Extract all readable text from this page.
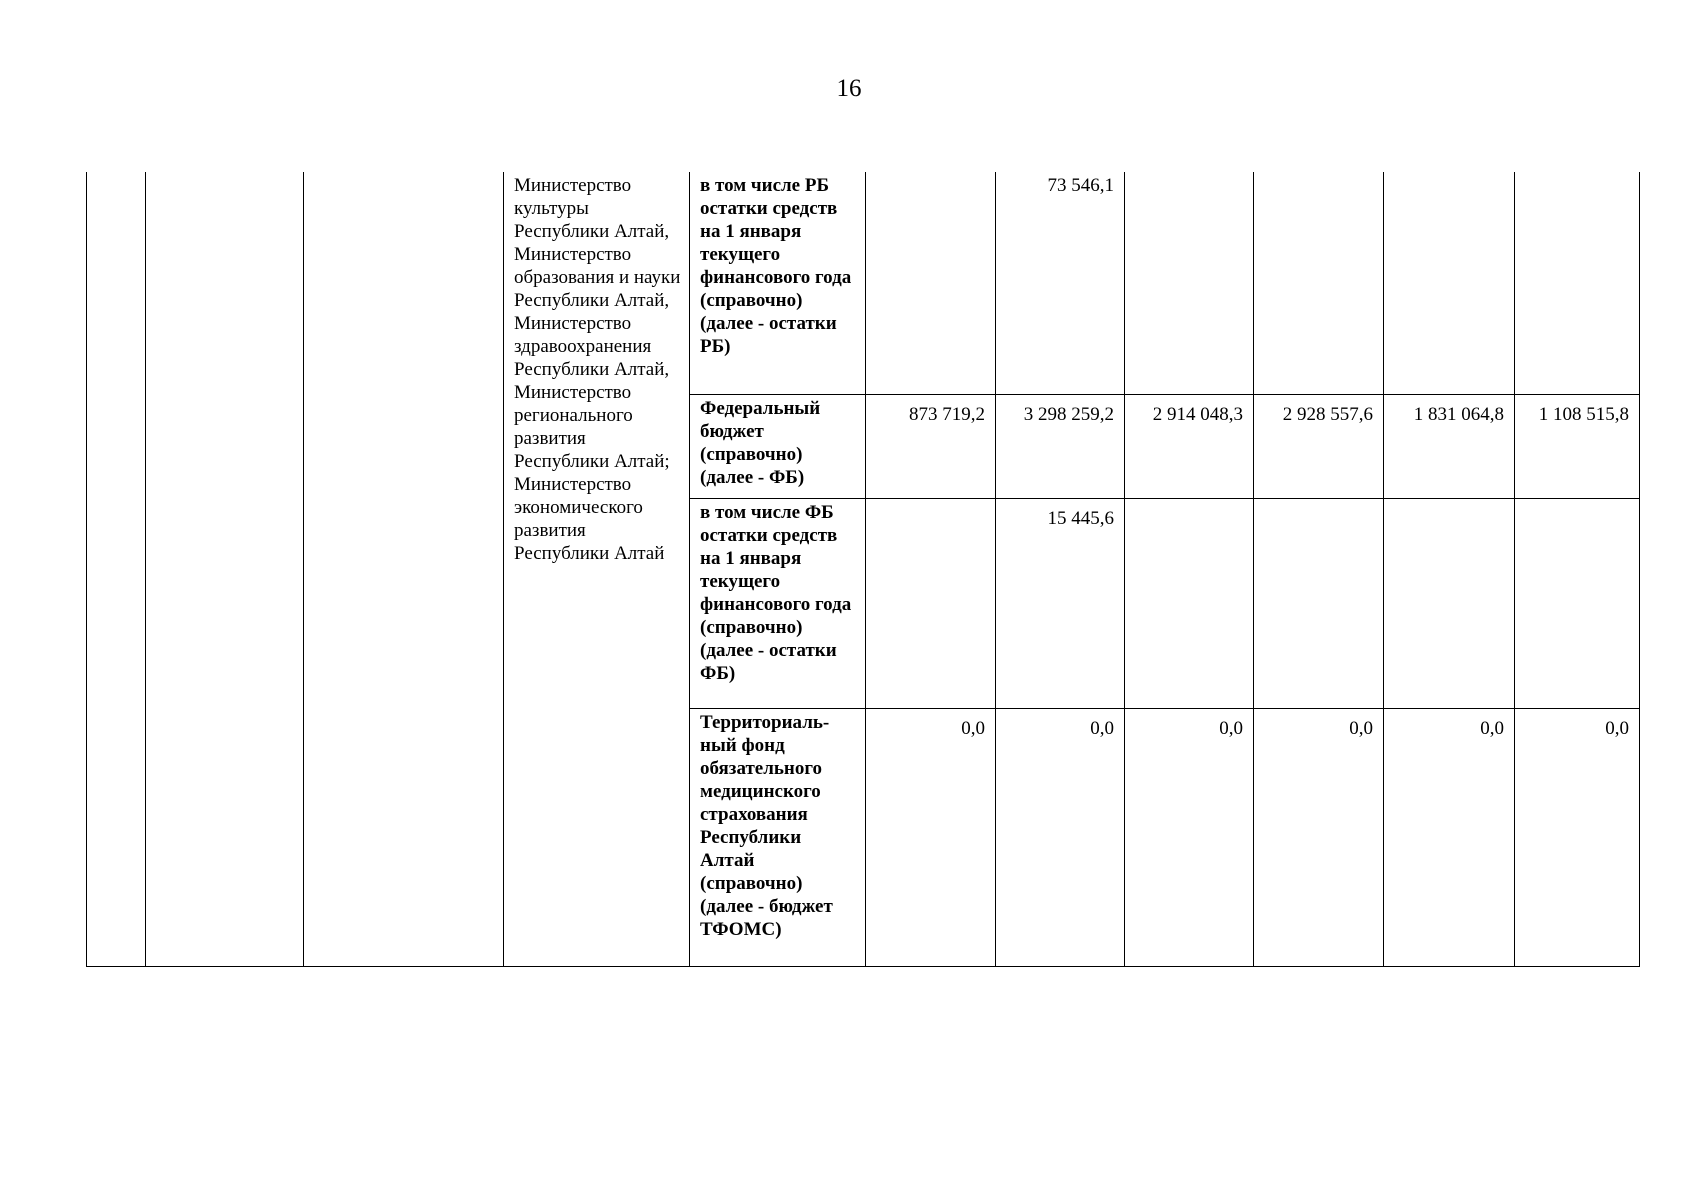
16

			Министерство культуры Республики Алтай, Министерство образования и науки Республики Алтай, Министерство здравоохранения Республики Алтай, Министерство регионального развития Республики Алтай; Министерство экономического развития Республики Алтай	в том числе РБ остатки средств на 1 января текущего финансового года (справочно) (далее - остатки РБ)		73 546,1				

				Федеральный бюджет (справочно) (далее - ФБ)	873 719,2	3 298 259,2	2 914 048,3	2 928 557,6	1 831 064,8	1 108 515,8

				в том числе ФБ остатки средств на 1 января текущего финансового года (справочно) (далее - остатки ФБ)		15 445,6				

				Территориаль-ный фонд обязательного медицинского страхования Республики Алтай (справочно) (далее - бюджет ТФОМС)	0,0	0,0	0,0	0,0	0,0	0,0
